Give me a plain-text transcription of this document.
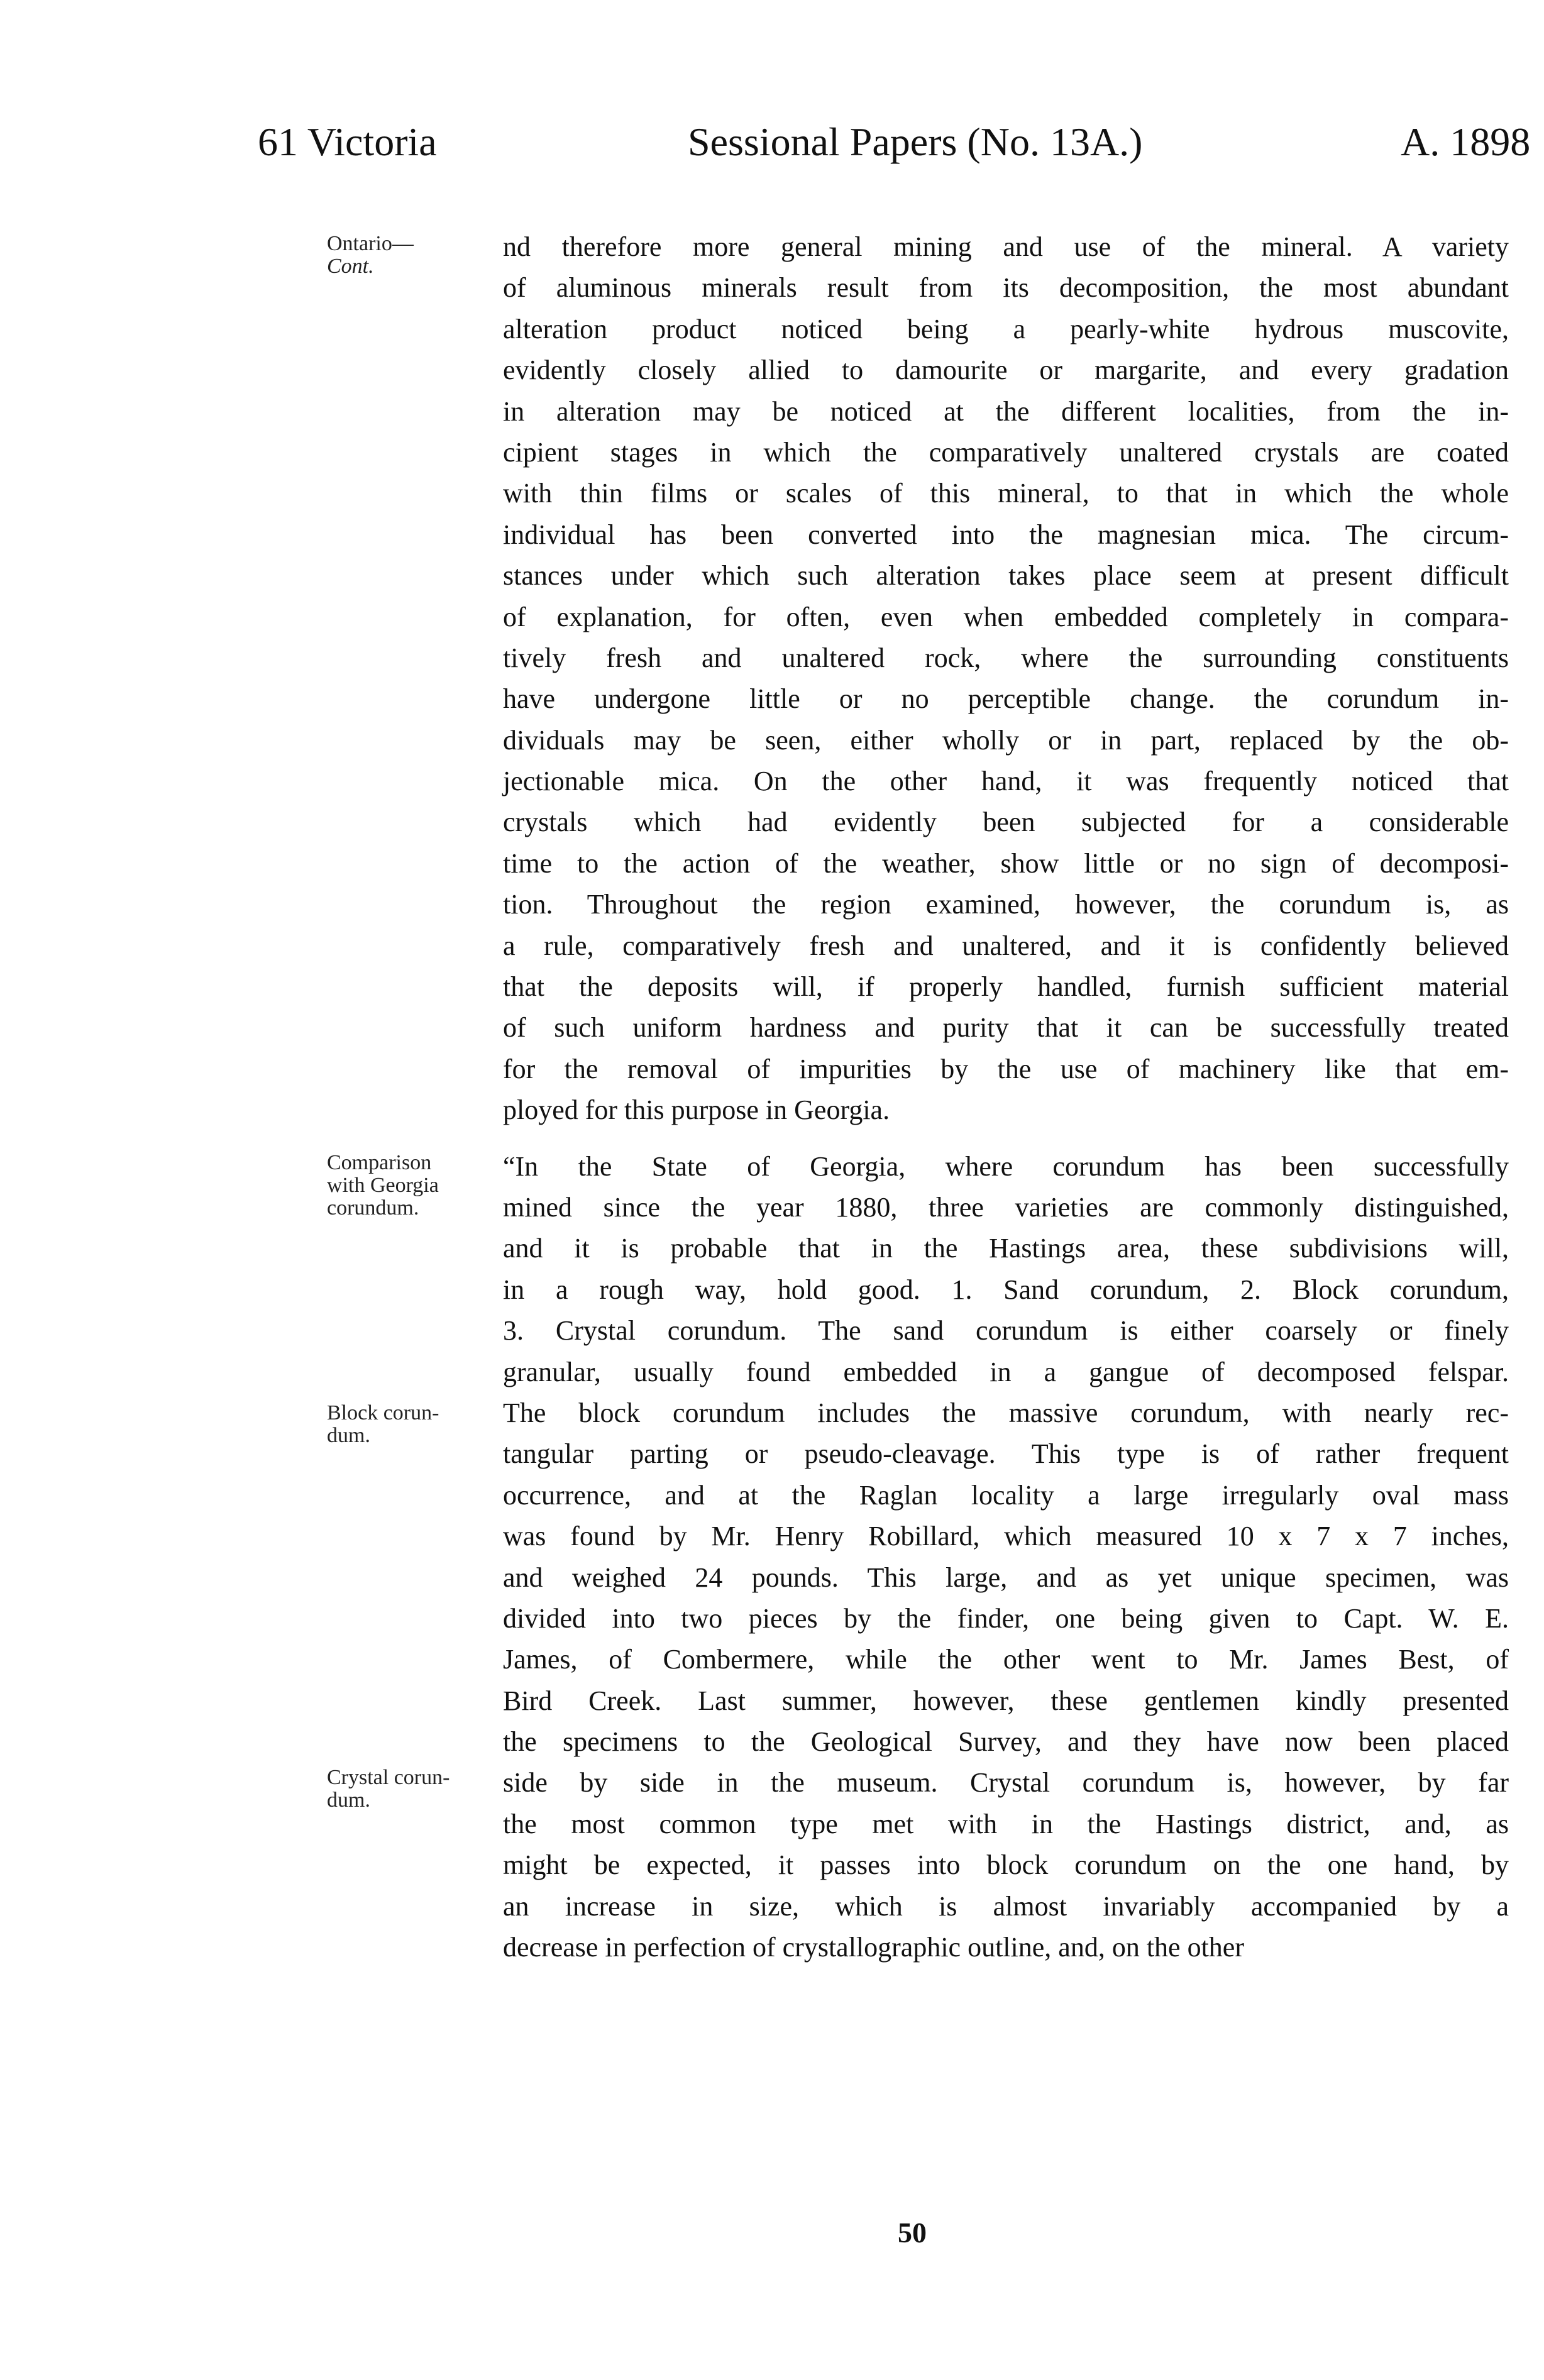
61 Victoria	Sessional Papers (No. 13A.)	A. 1898
Ontario—
Cont.
Comparison
with Georgia
corundum.
Block corun-
dum.
Crystal corun-
dum.
nd therefore more general mining and use of the mineral. A variety
of aluminous minerals result from its decomposition, the most abundant
alteration product noticed being a pearly-white hydrous muscovite,
evidently closely allied to damourite or margarite, and every gradation
in alteration may be noticed at the different localities, from the in-
cipient stages in which the comparatively unaltered crystals are coated
with thin films or scales of this mineral, to that in which the whole
individual has been converted into the magnesian mica. The circum-
stances under which such alteration takes place seem at present difficult
of explanation, for often, even when embedded completely in compara-
tively fresh and unaltered rock, where the surrounding constituents
have undergone little or no perceptible change. the corundum in-
dividuals may be seen, either wholly or in part, replaced by the ob-
jectionable mica. On the other hand, it was frequently noticed that
crystals which had evidently been subjected for a considerable
time to the action of the weather, show little or no sign of decomposi-
tion. Throughout the region examined, however, the corundum is, as
a rule, comparatively fresh and unaltered, and it is confidently believed
that the deposits will, if properly handled, furnish sufficient material
of such uniform hardness and purity that it can be successfully treated
for the removal of impurities by the use of machinery like that em-
ployed for this purpose in Georgia.
“In the State of Georgia, where corundum has been successfully
mined since the year 1880, three varieties are commonly distinguished,
and it is probable that in the Hastings area, these subdivisions will,
in a rough way, hold good. 1. Sand corundum, 2. Block corundum,
3. Crystal corundum. The sand corundum is either coarsely or finely
granular, usually found embedded in a gangue of decomposed felspar.
The block corundum includes the massive corundum, with nearly rec-
tangular parting or pseudo-cleavage. This type is of rather frequent
occurrence, and at the Raglan locality a large irregularly oval mass
was found by Mr. Henry Robillard, which measured 10 x 7 x 7 inches,
and weighed 24 pounds. This large, and as yet unique specimen, was
divided into two pieces by the finder, one being given to Capt. W. E.
James, of Combermere, while the other went to Mr. James Best, of
Bird Creek. Last summer, however, these gentlemen kindly presented
the specimens to the Geological Survey, and they have now been placed
side by side in the museum. Crystal corundum is, however, by far
the most common type met with in the Hastings district, and, as
might be expected, it passes into block corundum on the one hand, by
an increase in size, which is almost invariably accompanied by a
decrease in perfection of crystallographic outline, and, on the other
50
